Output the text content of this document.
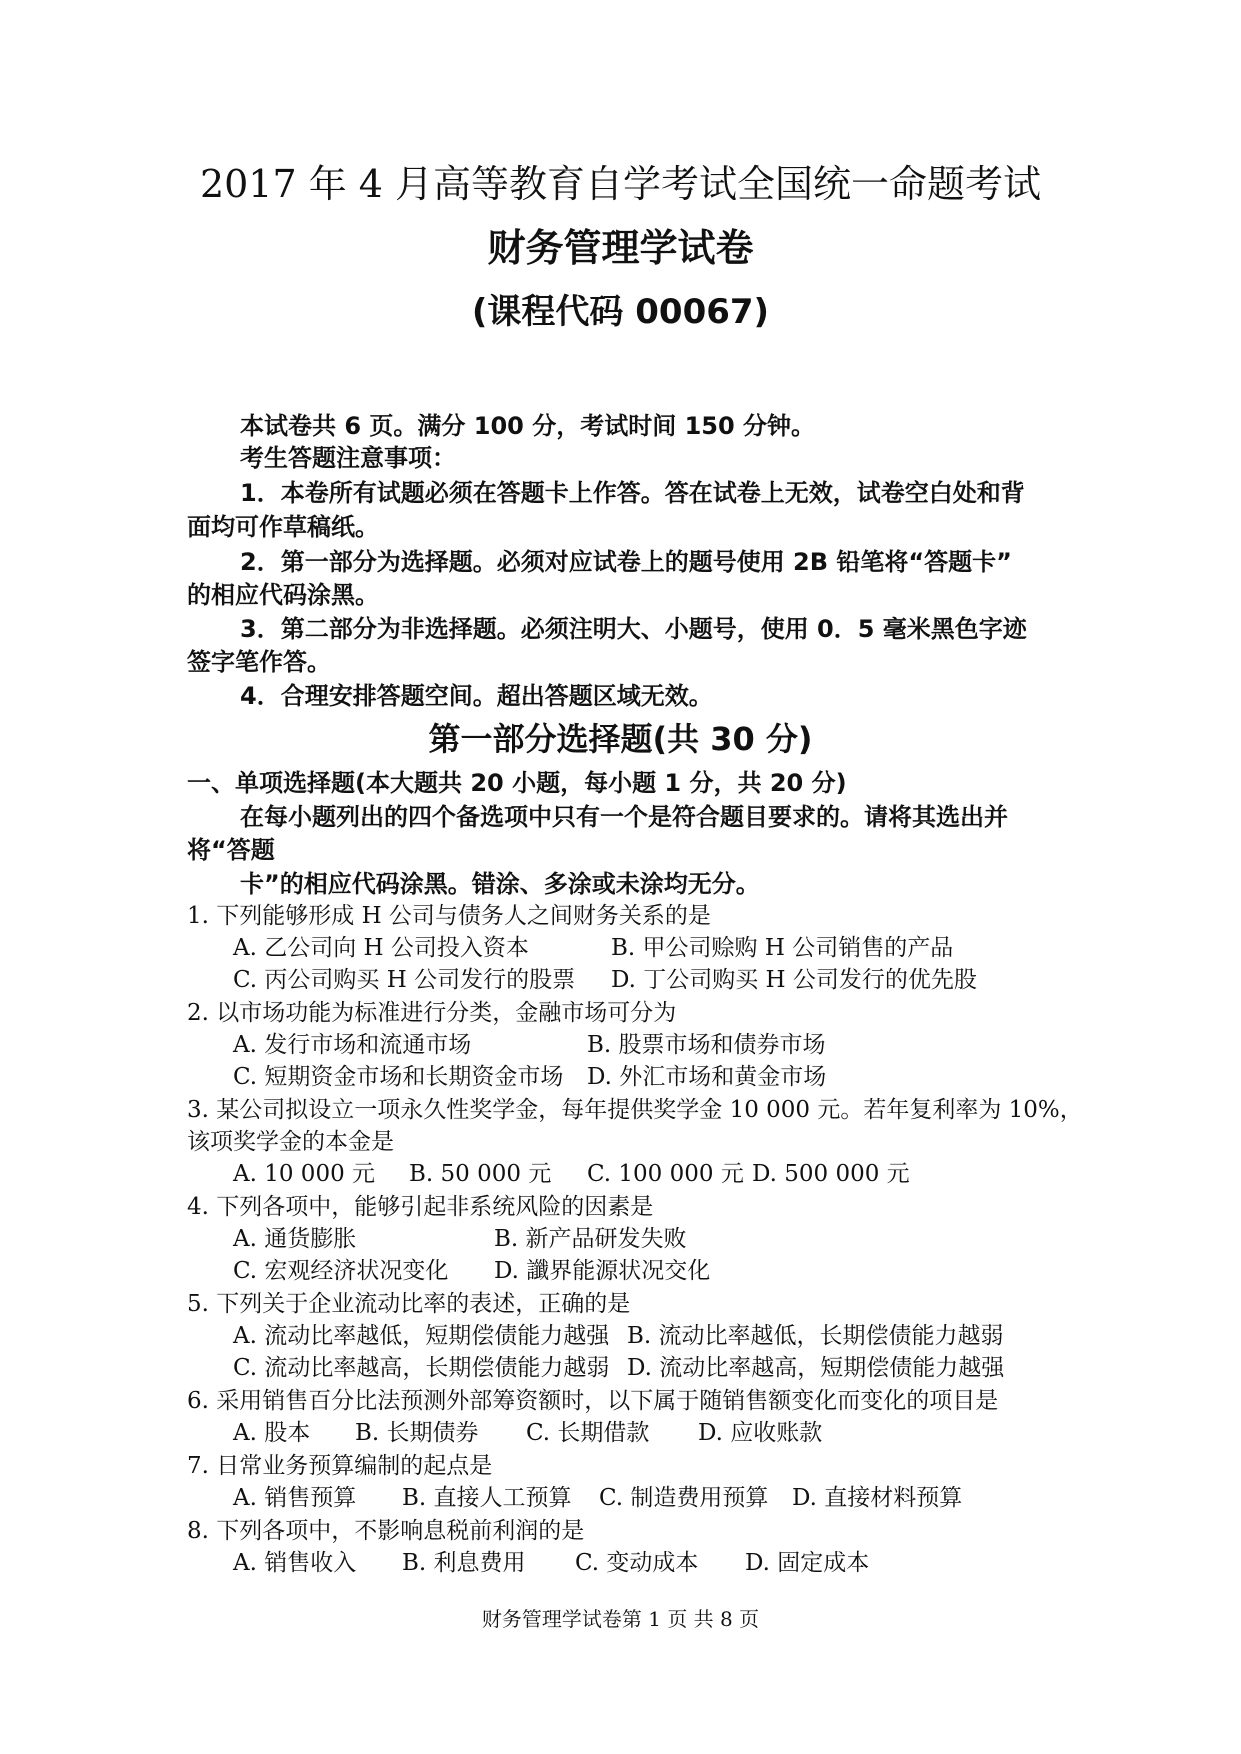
2017 年 4 月高等教育自学考试全国统一命题考试
财务管理学试卷
(课程代码 00067)
本试卷共 6 页。满分 100 分，考试时间 150 分钟。
考生答题注意事项：
1．本卷所有试题必须在答题卡上作答。答在试卷上无效，试卷空白处和背
面均可作草稿纸。
2．第一部分为选择题。必须对应试卷上的题号使用 2B 铅笔将“答题卡”
的相应代码涂黑。
3．第二部分为非选择题。必须注明大、小题号，使用 0．5 毫米黑色字迹
签字笔作答。
4．合理安排答题空间。超出答题区域无效。
第一部分选择题(共 30 分)
一、单项选择题(本大题共 20 小题，每小题 1 分，共 20 分)
在每小题列出的四个备选项中只有一个是符合题目要求的。请将其选出并
将“答题
卡”的相应代码涂黑。错涂、多涂或未涂均无分。
1. 下列能够形成 H 公司与债务人之间财务关系的是
A. 乙公司向 H 公司投入资本	B. 甲公司赊购 H 公司销售的产品
C. 丙公司购买 H 公司发行的股票 D. 丁公司购买 H 公司发行的优先股
2. 以市场功能为标准进行分类，金融市场可分为
A. 发行市场和流通市场	B. 股票市场和债券市场
C. 短期资金市场和长期资金市场 D. 外汇市场和黄金市场
3. 某公司拟设立一项永久性奖学金，每年提供奖学金 10 000 元。若年复利率为 10%，
该项奖学金的本金是
A. 10 000 元 B. 50 000 元 C. 100 000 元 D. 500 000 元
4. 下列各项中，能够引起非系统风险的因素是
A. 通货膨胀	B. 新产品研发失败
C. 宏观经济状况变化 D. 讖界能源状况交化
5. 下列关于企业流动比率的表述，正确的是
A. 流动比率越低，短期偿债能力越强 B. 流动比率越低，长期偿债能力越弱
C. 流动比率越高，长期偿债能力越弱 D. 流动比率越高，短期偿债能力越强
6. 采用销售百分比法预测外部筹资额时，以下属于随销售额变化而变化的项目是
A. 股本 B. 长期债券 C. 长期借款 D. 应收账款
7. 日常业务预算编制的起点是
A. 销售预算 B. 直接人工预算 C. 制造费用预算 D. 直接材料预算
8. 下列各项中，不影响息税前利润的是
A. 销售收入 B. 利息费用 C. 变动成本 D. 固定成本
财务管理学试卷第 1 页 共 8 页
